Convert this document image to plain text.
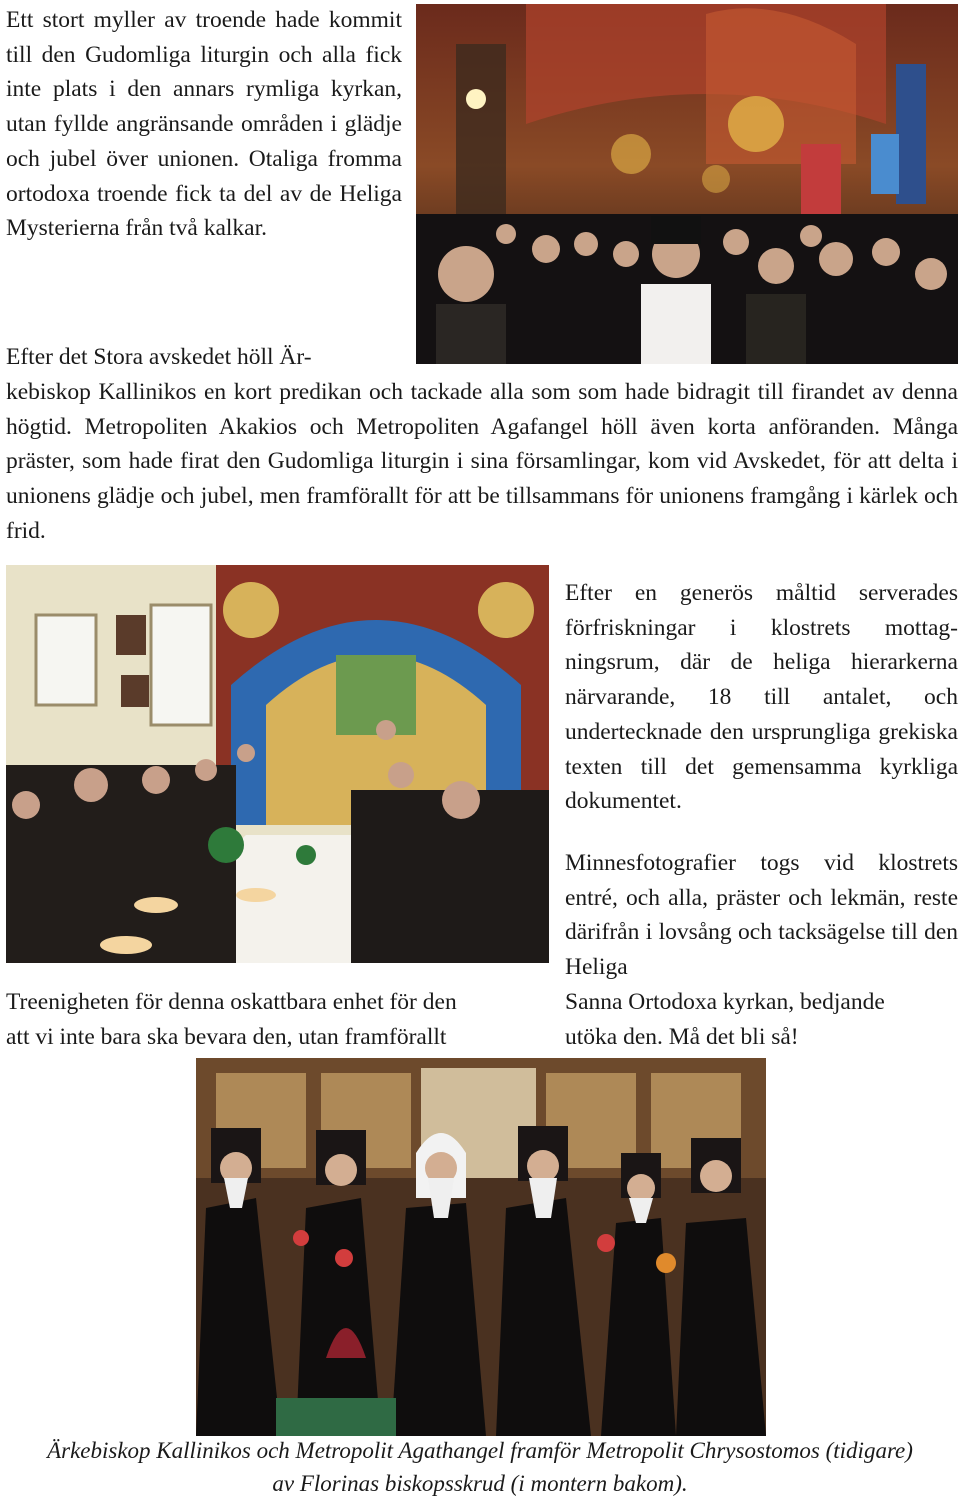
Ett stort myller av troende hade kommit till den Gudomliga liturgin och alla fick inte plats i den annars rymliga kyrkan, utan fyllde angränsande områden i glädje och jubel över unionen. Otaliga fromma ortodoxa troende fick ta del av de Heliga Mysterierna från två kalkar.

Efter det Stora avskedet höll Är-

kebiskop Kallinikos en kort predikan och tackade alla som som hade bidragit till firandet av denna högtid. Metropoliten Akakios och Metropoliten Agafangel höll även korta anföranden. Många präster, som hade firat den Gudomliga liturgin i sina församlingar, kom vid Avskedet, för att delta i unionens glädje och jubel, men framförallt för att be tillsammans för unionens framgång i kärlek och frid.

Efter en generös måltid serverades förfriskningar i klostrets mottagningsrum, där de heliga hierarkerna närvarande, 18 till antalet, och undertecknade den ursprungliga grekiska texten till det gemensamma kyrkliga dokumentet.

Minnesfotografier togs vid klostrets entré, och alla, präster och lekmän, reste därifrån i lovsång och tacksägelse till den Heliga

Treenigheten för denna oskattbara enhet för den

att vi inte bara ska bevara den, utan framförallt

Sanna Ortodoxa kyrkan, bedjande

utöka den. Må det bli så!

Ärkebiskop Kallinikos och Metropolit Agathangel framför Metropolit Chrysostomos (tidigare)
av Florinas biskopsskrud (i montern bakom).
